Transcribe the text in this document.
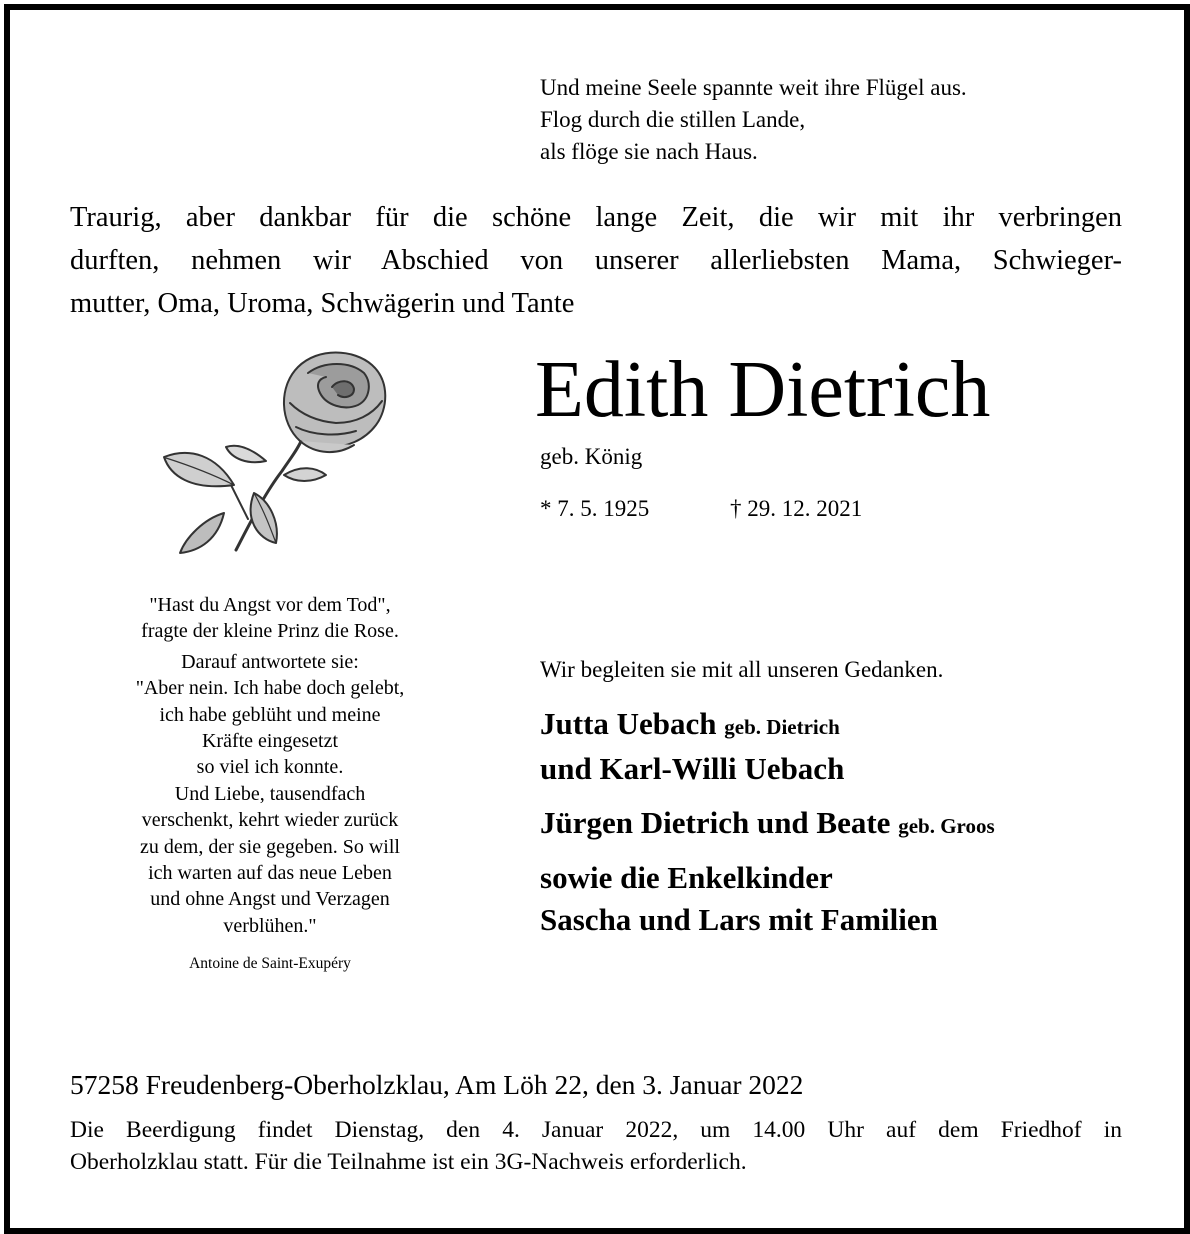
Und meine Seele spannte weit ihre Flügel aus.
Flog durch die stillen Lande,
als flöge sie nach Haus.
Traurig, aber dankbar für die schöne lange Zeit, die wir mit ihr verbringen
durften, nehmen wir Abschied von unserer allerliebsten Mama, Schwieger-
mutter, Oma, Uroma, Schwägerin und Tante
Edith Dietrich
geb. König
* 7. 5. 1925	† 29. 12. 2021
"Hast du Angst vor dem Tod",
fragte der kleine Prinz die Rose.
Darauf antwortete sie:
"Aber nein. Ich habe doch gelebt,
ich habe geblüht und meine
Kräfte eingesetzt
so viel ich konnte.
Und Liebe, tausendfach
verschenkt, kehrt wieder zurück
zu dem, der sie gegeben. So will
ich warten auf das neue Leben
und ohne Angst und Verzagen
verblühen."
Antoine de Saint-Exupéry
Wir begleiten sie mit all unseren Gedanken.
Jutta Uebach geb. Dietrich
und Karl-Willi Uebach
Jürgen Dietrich und Beate geb. Groos
sowie die Enkelkinder
Sascha und Lars mit Familien
57258 Freudenberg-Oberholzklau, Am Löh 22, den 3. Januar 2022
Die Beerdigung findet Dienstag, den 4. Januar 2022, um 14.00 Uhr auf dem Friedhof in
Oberholzklau statt. Für die Teilnahme ist ein 3G-Nachweis erforderlich.
